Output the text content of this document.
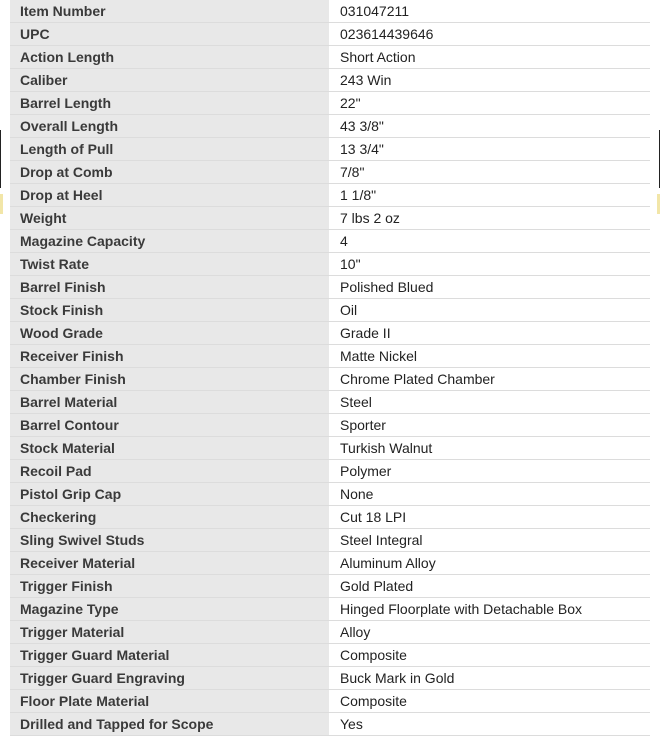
Item Number	031047211
UPC	023614439646
Action Length	Short Action
Caliber	243 Win
Barrel Length	22"
Overall Length	43 3/8"
Length of Pull	13 3/4"
Drop at Comb	7/8"
Drop at Heel	1 1/8"
Weight	7 lbs 2 oz
Magazine Capacity	4
Twist Rate	10"
Barrel Finish	Polished Blued
Stock Finish	Oil
Wood Grade	Grade II
Receiver Finish	Matte Nickel
Chamber Finish	Chrome Plated Chamber
Barrel Material	Steel
Barrel Contour	Sporter
Stock Material	Turkish Walnut
Recoil Pad	Polymer
Pistol Grip Cap	None
Checkering	Cut 18 LPI
Sling Swivel Studs	Steel Integral
Receiver Material	Aluminum Alloy
Trigger Finish	Gold Plated
Magazine Type	Hinged Floorplate with Detachable Box
Trigger Material	Alloy
Trigger Guard Material	Composite
Trigger Guard Engraving	Buck Mark in Gold
Floor Plate Material	Composite
Drilled and Tapped for Scope	Yes
